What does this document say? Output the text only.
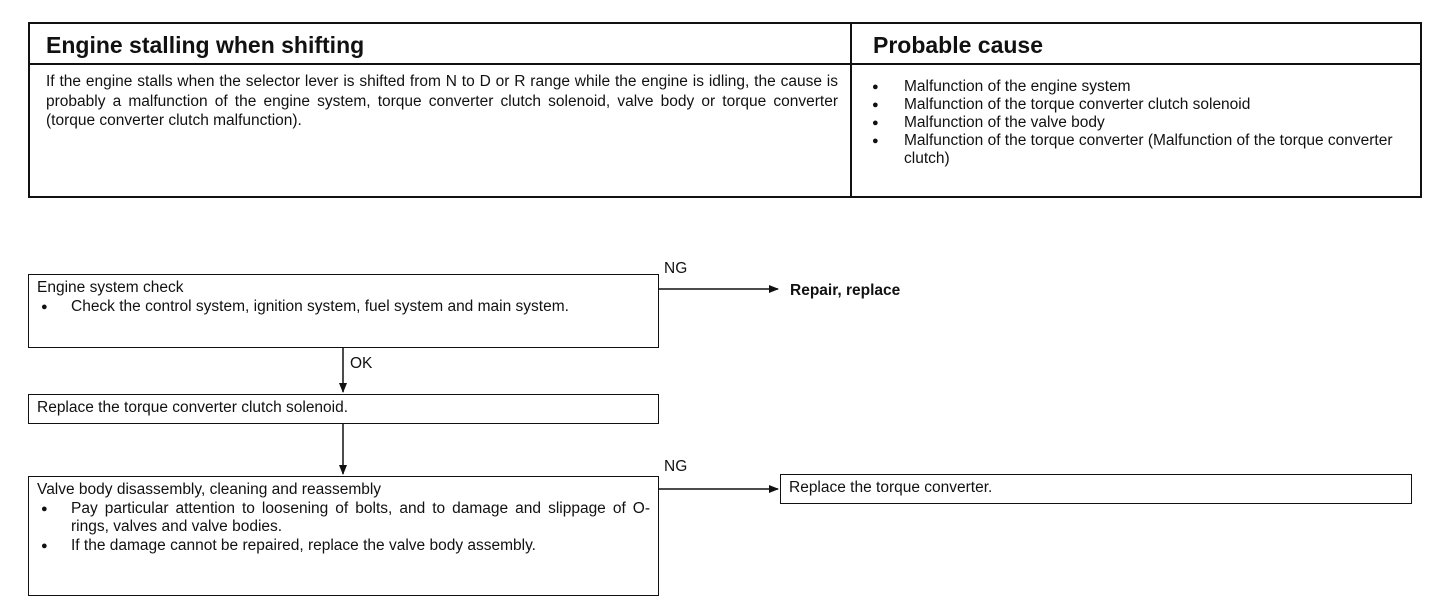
Engine stalling when shifting	Probable cause
If the engine stalls when the selector lever is shifted from N to D or R range while the engine is idling, the cause is probably a malfunction of the engine system, torque converter clutch solenoid, valve body or torque converter (torque converter clutch malfunction).
● Malfunction of the engine system
● Malfunction of the torque converter clutch solenoid
● Malfunction of the valve body
● Malfunction of the torque converter (Malfunction of the torque converter clutch)
Engine system check
● Check the control system, ignition system, fuel system and main system.
Replace the torque converter clutch solenoid.
Valve body disassembly, cleaning and reassembly
● Pay particular attention to loosening of bolts, and to damage and slippage of O-rings, valves and valve bodies.
● If the damage cannot be repaired, replace the valve body assembly.
Replace the torque converter.
NG
OK
NG
Repair, replace
